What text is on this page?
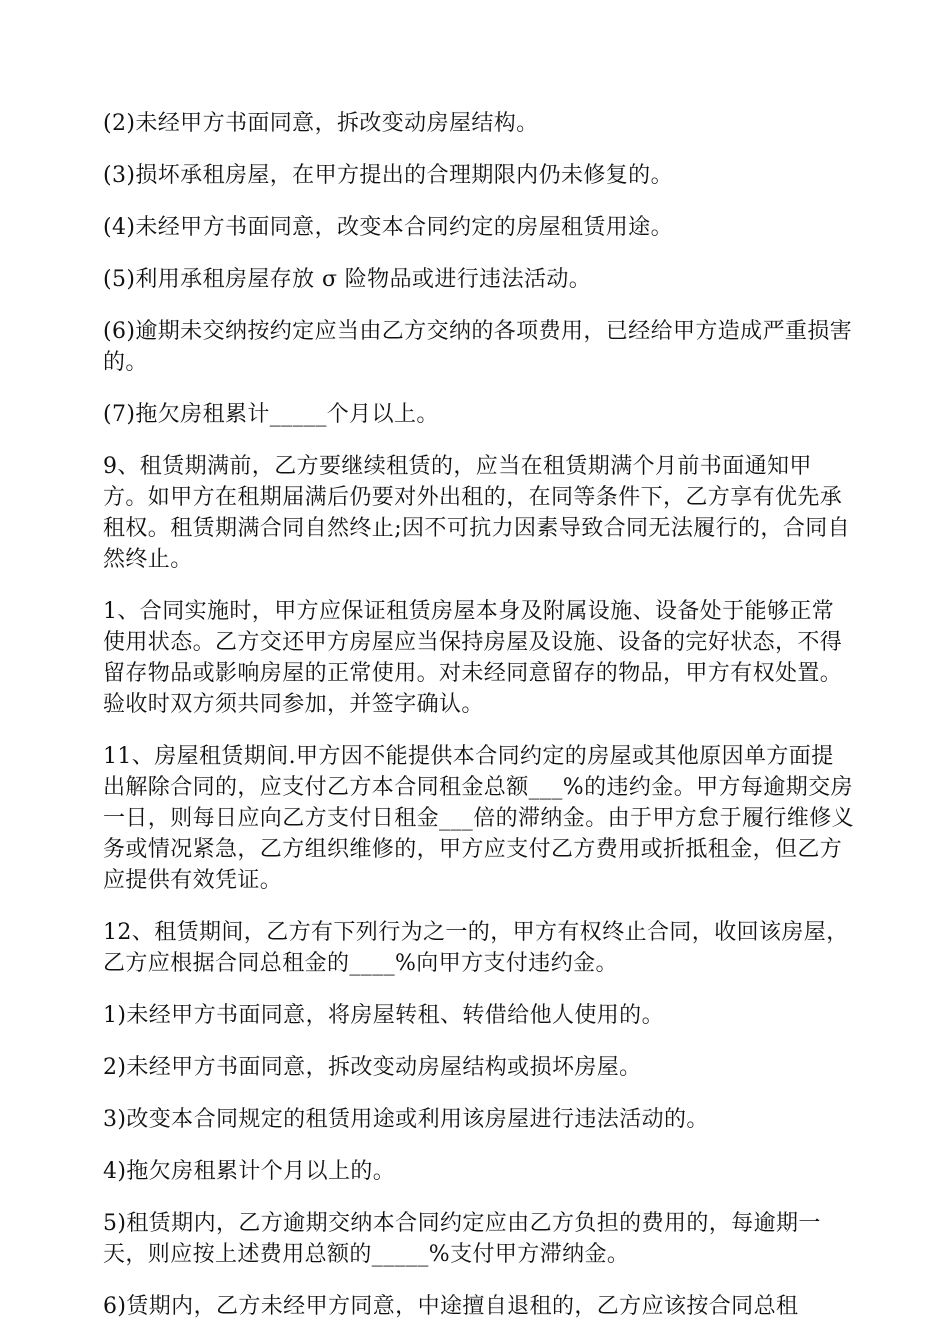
(2)未经甲方书面同意，拆改变动房屋结构。

(3)损坏承租房屋，在甲方提出的合理期限内仍未修复的。

(4)未经甲方书面同意，改变本合同约定的房屋租赁用途。

(5)利用承租房屋存放 σ 险物品或进行违法活动。

(6)逾期未交纳按约定应当由乙方交纳的各项费用，已经给甲方造成严重损害的。

(7)拖欠房租累计_____个月以上。

9、租赁期满前，乙方要继续租赁的，应当在租赁期满个月前书面通知甲方。如甲方在租期届满后仍要对外出租的，在同等条件下，乙方享有优先承租权。租赁期满合同自然终止;因不可抗力因素导致合同无法履行的，合同自然终止。

1、合同实施时，甲方应保证租赁房屋本身及附属设施、设备处于能够正常使用状态。乙方交还甲方房屋应当保持房屋及设施、设备的完好状态，不得留存物品或影响房屋的正常使用。对未经同意留存的物品，甲方有权处置。验收时双方须共同参加，并签字确认。

11、房屋租赁期间.甲方因不能提供本合同约定的房屋或其他原因单方面提出解除合同的，应支付乙方本合同租金总额___%的违约金。甲方每逾期交房一日，则每日应向乙方支付日租金___倍的滞纳金。由于甲方怠于履行维修义务或情况紧急，乙方组织维修的，甲方应支付乙方费用或折抵租金，但乙方应提供有效凭证。

12、租赁期间，乙方有下列行为之一的，甲方有权终止合同，收回该房屋，乙方应根据合同总租金的____%向甲方支付违约金。

1)未经甲方书面同意，将房屋转租、转借给他人使用的。

2)未经甲方书面同意，拆改变动房屋结构或损坏房屋。

3)改变本合同规定的租赁用途或利用该房屋进行违法活动的。

4)拖欠房租累计个月以上的。

5)租赁期内，乙方逾期交纳本合同约定应由乙方负担的费用的，每逾期一天，则应按上述费用总额的_____%支付甲方滞纳金。

6)赁期内，乙方未经甲方同意，中途擅自退租的，乙方应该按合同总租
